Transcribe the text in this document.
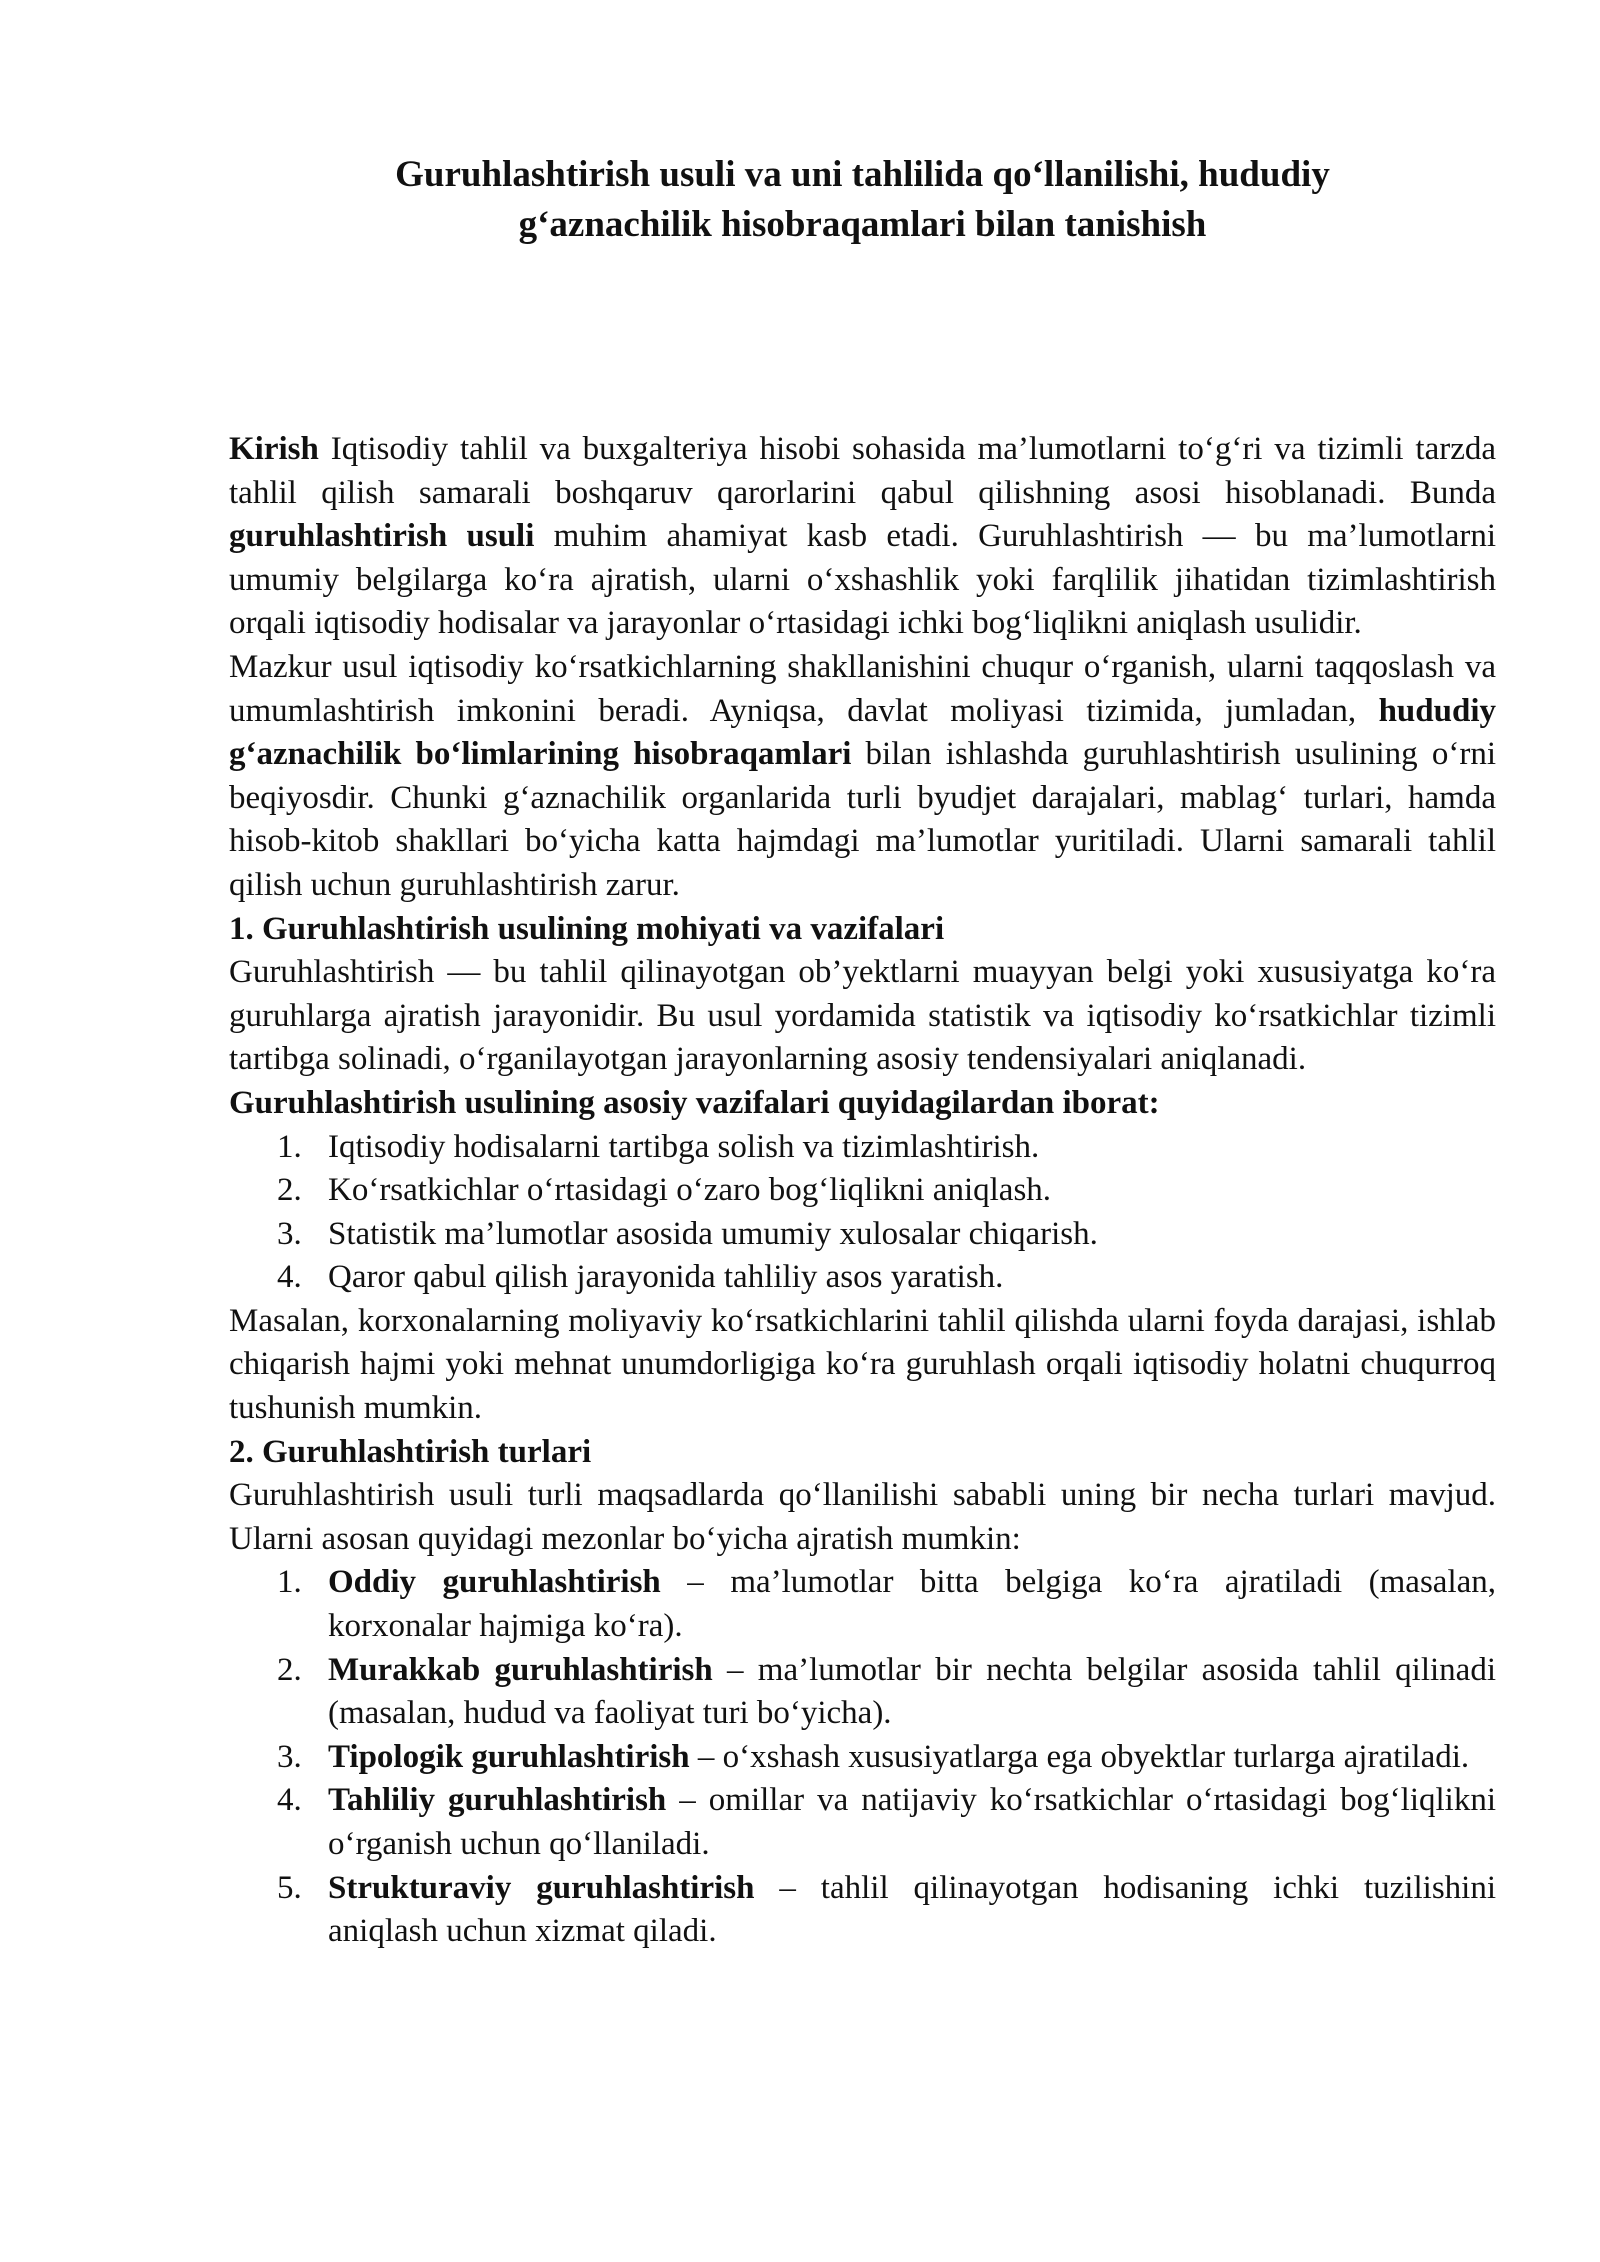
Guruhlashtirish usuli va uni tahlilida qo‘llanilishi, hududiy
g‘aznachilik hisobraqamlari bilan tanishish

Kirish Iqtisodiy tahlil va buxgalteriya hisobi sohasida ma’lumotlarni to‘g‘ri va tizimli tarzda tahlil qilish samarali boshqaruv qarorlarini qabul qilishning asosi hisoblanadi. Bunda guruhlashtirish usuli muhim ahamiyat kasb etadi. Guruhlashtirish — bu ma’lumotlarni umumiy belgilarga ko‘ra ajratish, ularni o‘xshashlik yoki farqlilik jihatidan tizimlashtirish orqali iqtisodiy hodisalar va jarayonlar o‘rtasidagi ichki bog‘liqlikni aniqlash usulidir.

Mazkur usul iqtisodiy ko‘rsatkichlarning shakllanishini chuqur o‘rganish, ularni taqqoslash va umumlashtirish imkonini beradi. Ayniqsa, davlat moliyasi tizimida, jumladan, hududiy g‘aznachilik bo‘limlarining hisobraqamlari bilan ishlashda guruhlashtirish usulining o‘rni beqiyosdir. Chunki g‘aznachilik organlarida turli byudjet darajalari, mablag‘ turlari, hamda hisob-kitob shakllari bo‘yicha katta hajmdagi ma’lumotlar yuritiladi. Ularni samarali tahlil qilish uchun guruhlashtirish zarur.

1. Guruhlashtirish usulining mohiyati va vazifalari

Guruhlashtirish — bu tahlil qilinayotgan ob’yektlarni muayyan belgi yoki xususiyatga ko‘ra guruhlarga ajratish jarayonidir. Bu usul yordamida statistik va iqtisodiy ko‘rsatkichlar tizimli tartibga solinadi, o‘rganilayotgan jarayonlarning asosiy tendensiyalari aniqlanadi.

Guruhlashtirish usulining asosiy vazifalari quyidagilardan iborat:

1. Iqtisodiy hodisalarni tartibga solish va tizimlashtirish.
2. Ko‘rsatkichlar o‘rtasidagi o‘zaro bog‘liqlikni aniqlash.
3. Statistik ma’lumotlar asosida umumiy xulosalar chiqarish.
4. Qaror qabul qilish jarayonida tahliliy asos yaratish.

Masalan, korxonalarning moliyaviy ko‘rsatkichlarini tahlil qilishda ularni foyda darajasi, ishlab chiqarish hajmi yoki mehnat unumdorligiga ko‘ra guruhlash orqali iqtisodiy holatni chuqurroq tushunish mumkin.

2. Guruhlashtirish turlari

Guruhlashtirish usuli turli maqsadlarda qo‘llanilishi sababli uning bir necha turlari mavjud. Ularni asosan quyidagi mezonlar bo‘yicha ajratish mumkin:

1. Oddiy guruhlashtirish – ma’lumotlar bitta belgiga ko‘ra ajratiladi (masalan, korxonalar hajmiga ko‘ra).
2. Murakkab guruhlashtirish – ma’lumotlar bir nechta belgilar asosida tahlil qilinadi (masalan, hudud va faoliyat turi bo‘yicha).
3. Tipologik guruhlashtirish – o‘xshash xususiyatlarga ega obyektlar turlarga ajratiladi.
4. Tahliliy guruhlashtirish – omillar va natijaviy ko‘rsatkichlar o‘rtasidagi bog‘liqlikni o‘rganish uchun qo‘llaniladi.
5. Strukturaviy guruhlashtirish – tahlil qilinayotgan hodisaning ichki tuzilishini aniqlash uchun xizmat qiladi.
